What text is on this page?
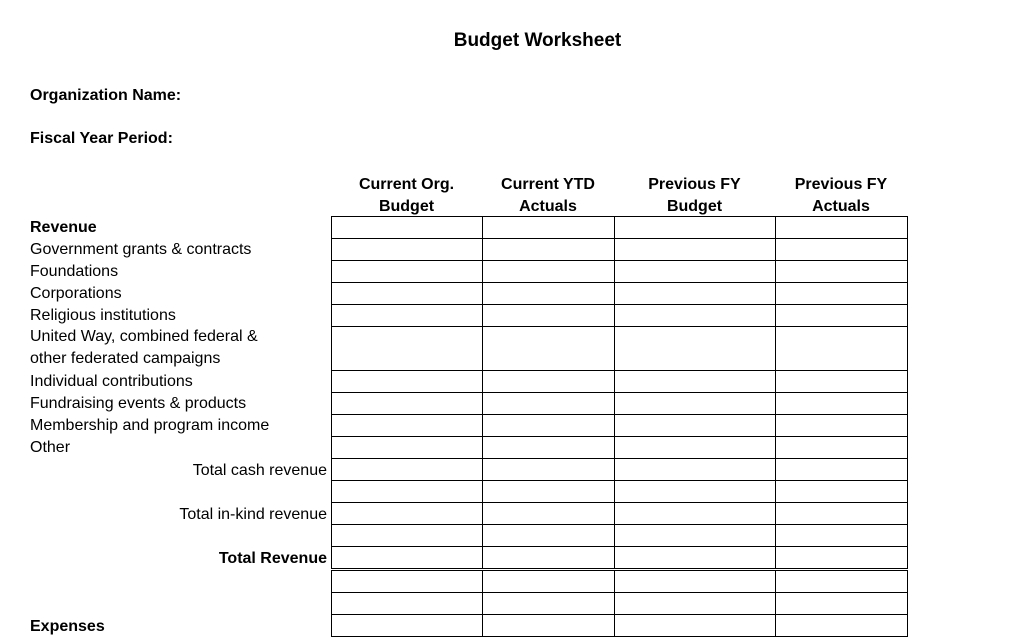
Budget Worksheet
Organization Name:
Fiscal Year Period:
Current Org.
Budget
Current YTD
Actuals
Previous FY
Budget
Previous FY
Actuals
Revenue
Government grants & contracts
Foundations
Corporations
Religious institutions
United Way, combined federal &
other federated campaigns
Individual contributions
Fundraising events & products
Membership and program income
Other
Total cash revenue
Total in-kind revenue
Total Revenue
Expenses
